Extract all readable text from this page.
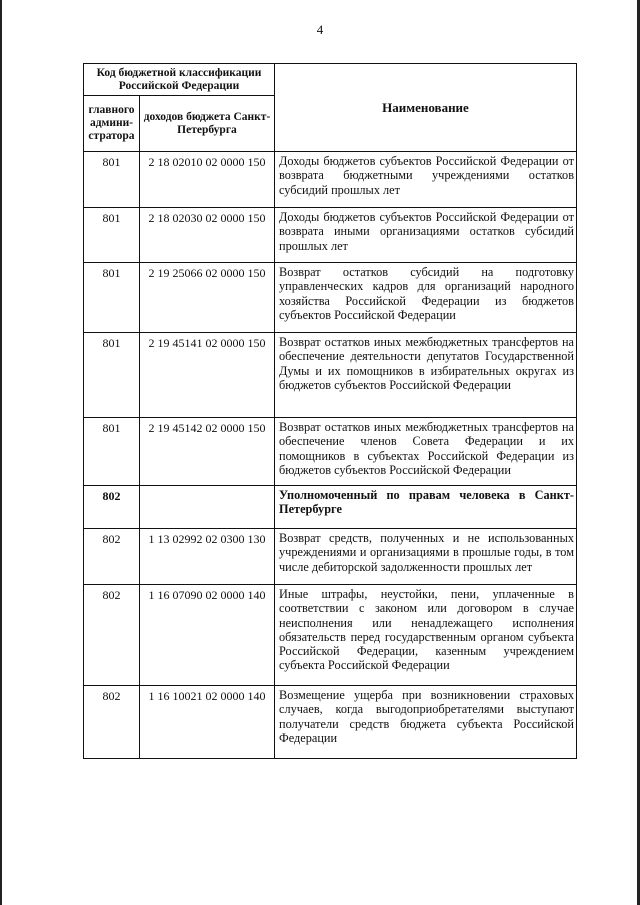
4
Код бюджетной классификации Российской Федерации		Наименование
главного админи-стратора	доходов бюджета Санкт-Петербурга	
801	2 18 02010 02 0000 150	Доходы бюджетов субъектов Российской Федерации от возврата бюджетными учреждениями остатков субсидий прошлых лет
801	2 18 02030 02 0000 150	Доходы бюджетов субъектов Российской Федерации от возврата иными организациями остатков субсидий прошлых лет
801	2 19 25066 02 0000 150	Возврат остатков субсидий на подготовку управленческих кадров для организаций народного хозяйства Российской Федерации из бюджетов субъектов Российской Федерации
801	2 19 45141 02 0000 150	Возврат остатков иных межбюджетных трансфертов на обеспечение деятельности депутатов Государственной Думы и их помощников в избирательных округах из бюджетов субъектов Российской Федерации
801	2 19 45142 02 0000 150	Возврат остатков иных межбюджетных трансфертов на обеспечение членов Совета Федерации и их помощников в субъектах Российской Федерации из бюджетов субъектов Российской Федерации
802		Уполномоченный по правам человека в Санкт-Петербурге
802	1 13 02992 02 0300 130	Возврат средств, полученных и не использованных учреждениями и организациями в прошлые годы, в том числе дебиторской задолженности прошлых лет
802	1 16 07090 02 0000 140	Иные штрафы, неустойки, пени, уплаченные в соответствии с законом или договором в случае неисполнения или ненадлежащего исполнения обязательств перед государственным органом субъекта Российской Федерации, казенным учреждением субъекта Российской Федерации
802	1 16 10021 02 0000 140	Возмещение ущерба при возникновении страховых случаев, когда выгодоприобретателями выступают получатели средств бюджета субъекта Российской Федерации
